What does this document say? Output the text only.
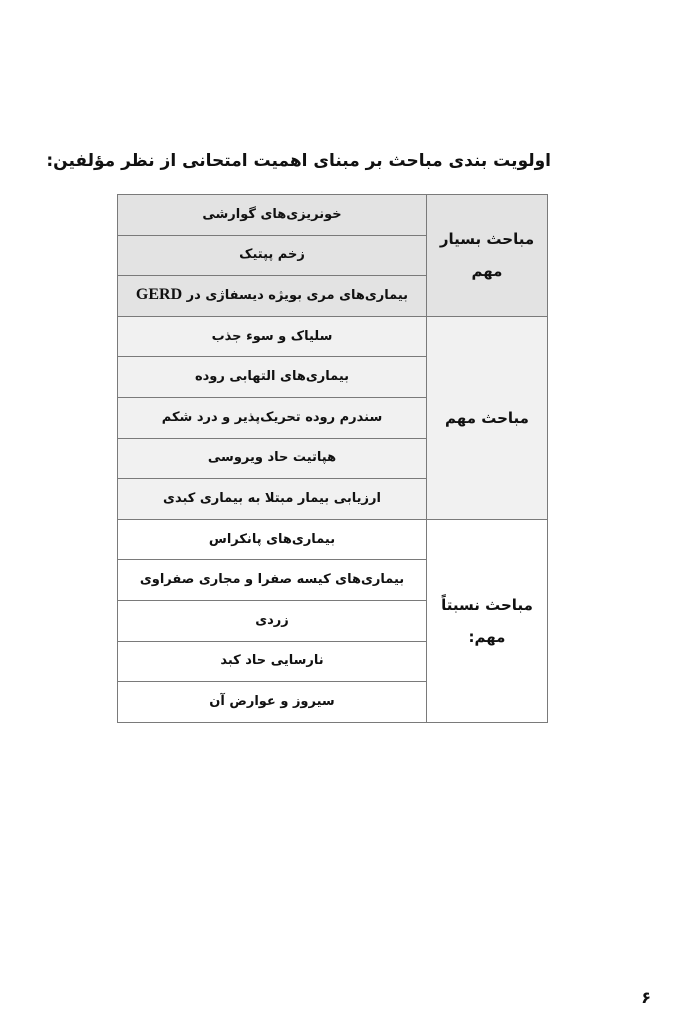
اولویت بندی مباحث بر مبنای اهمیت امتحانی از نظر مؤلفین:
مباحث بسیار
مهم	خونریزی‌های گوارشی
	زخم پپتیک
	بیماری‌های مری بویژه دیسفاژی در GERD
مباحث مهم	سلیاک و سوء جذب
	بیماری‌های التهابی روده
	سندرم روده تحریک‌پذیر و درد شکم
	هپاتیت حاد ویروسی
	ارزیابی بیمار مبتلا به بیماری کبدی
مباحث نسبتاً
مهم:	بیماری‌های پانکراس
	بیماری‌های کیسه صفرا و مجاری صفراوی
	زردی
	نارسایی حاد کبد
	سیروز و عوارض آن
۶
